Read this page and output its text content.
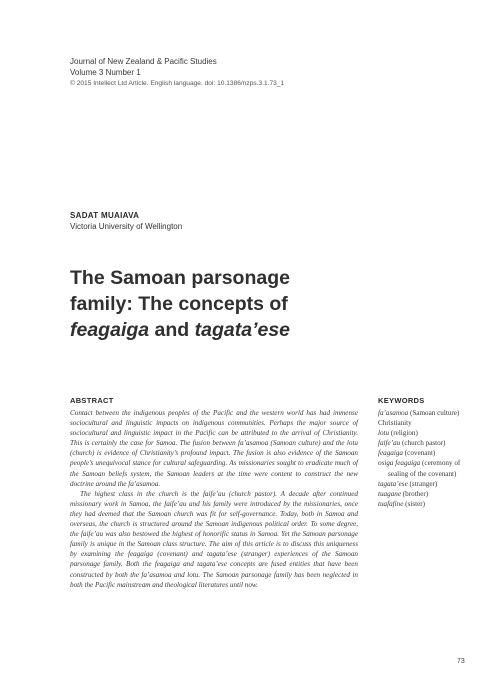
Journal of New Zealand & Pacific Studies
Volume 3 Number 1
© 2015 Intellect Ltd Article. English language. doi: 10.1386/nzps.3.1.73_1
SADAT MUAIAVA
Victoria University of Wellington
The Samoan parsonage
family: The concepts of
feagaiga and tagata’ese
ABSTRACT	KEYWORDS

Contact between the indigenous peoples of the Pacific and the western world has had immense sociocultural and linguistic impacts on indigenous communities. Perhaps the major source of sociocultural and linguistic impact in the Pacific can be attributed to the arrival of Christianity. This is certainly the case for Samoa. The fusion between fa’asamoa (Samoan culture) and the lotu (church) is evidence of Christianity’s profound impact. The fusion is also evidence of the Samoan people’s unequivocal stance for cultural safeguarding. As missionaries sought to eradicate much of the Samoan beliefs system, the Samoan leaders at the time were content to construct the new doctrine around the fa’asamoa.

The highest class in the church is the faife’au (church pastor). A decade after continued missionary work in Samoa, the faife’au and his family were introduced by the missionaries, once they had deemed that the Samoan church was fit for self-governance. Today, both in Samoa and overseas, the church is structured around the Samoan indigenous political order. To some degree, the faife’au was also bestowed the highest of honorific status in Samoa. Yet the Samoan parsonage family is unique in the Samoan class structure. The aim of this article is to discuss this uniqueness by examining the feagaiga (covenant) and tagata’ese (stranger) experiences of the Samoan parsonage family. Both the feagaiga and tagata’ese concepts are fused entities that have been constructed by both the fa’asamoa and lotu. The Samoan parsonage family has been neglected in both the Pacific mainstream and theological literatures until now.

fa’asamoa (Samoan culture)
Christianity
lotu (religion)
faife’au (church pastor)
feagaiga (covenant)
osiga feagaiga (ceremony of sealing of the covenant)
tagata’ese (stranger)
tuagane (brother)
tuafafine (sister)
73
